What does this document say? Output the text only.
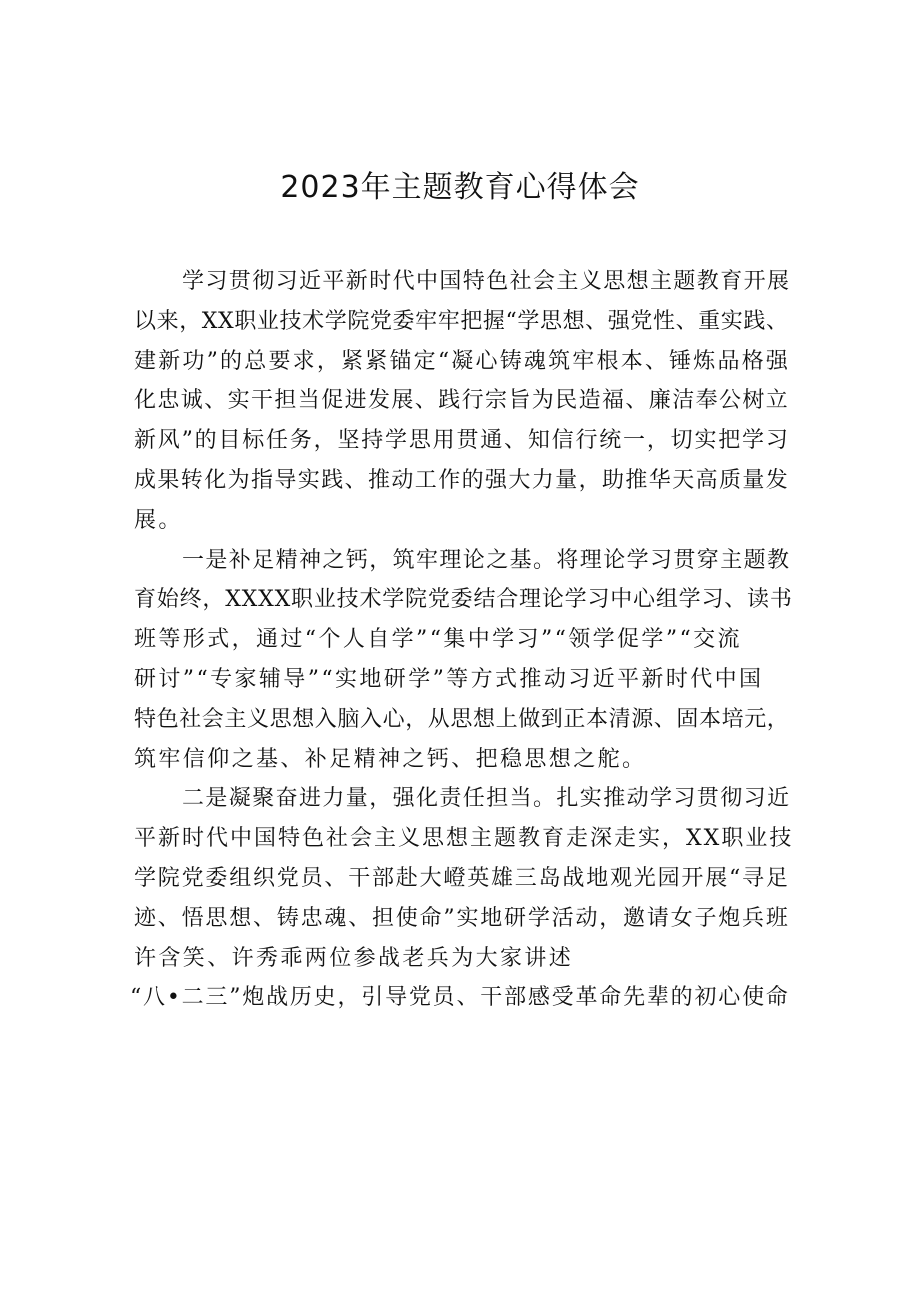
2023年主题教育心得体会

学习贯彻习近平新时代中国特色社会主义思想主题教育开展
以来，XX职业技术学院党委牢牢把握“学思想、强党性、重实践、
建新功”的总要求，紧紧锚定“凝心铸魂筑牢根本、锤炼品格强
化忠诚、实干担当促进发展、践行宗旨为民造福、廉洁奉公树立
新风”的目标任务，坚持学思用贯通、知信行统一，切实把学习
成果转化为指导实践、推动工作的强大力量，助推华天高质量发
展。

一是补足精神之钙，筑牢理论之基。将理论学习贯穿主题教
育始终，XXXX职业技术学院党委结合理论学习中心组学习、读书
班等形式，通过“个人自学”“集中学习”“领学促学”“交流
研讨”“专家辅导”“实地研学”等方式推动习近平新时代中国
特色社会主义思想入脑入心，从思想上做到正本清源、固本培元，
筑牢信仰之基、补足精神之钙、把稳思想之舵。

二是凝聚奋进力量，强化责任担当。扎实推动学习贯彻习近
平新时代中国特色社会主义思想主题教育走深走实，XX职业技
学院党委组织党员、干部赴大嶝英雄三岛战地观光园开展“寻足
迹、悟思想、铸忠魂、担使命”实地研学活动，邀请女子炮兵班
许含笑、许秀乖两位参战老兵为大家讲述
“八•二三”炮战历史，引导党员、干部感受革命先辈的初心使命
